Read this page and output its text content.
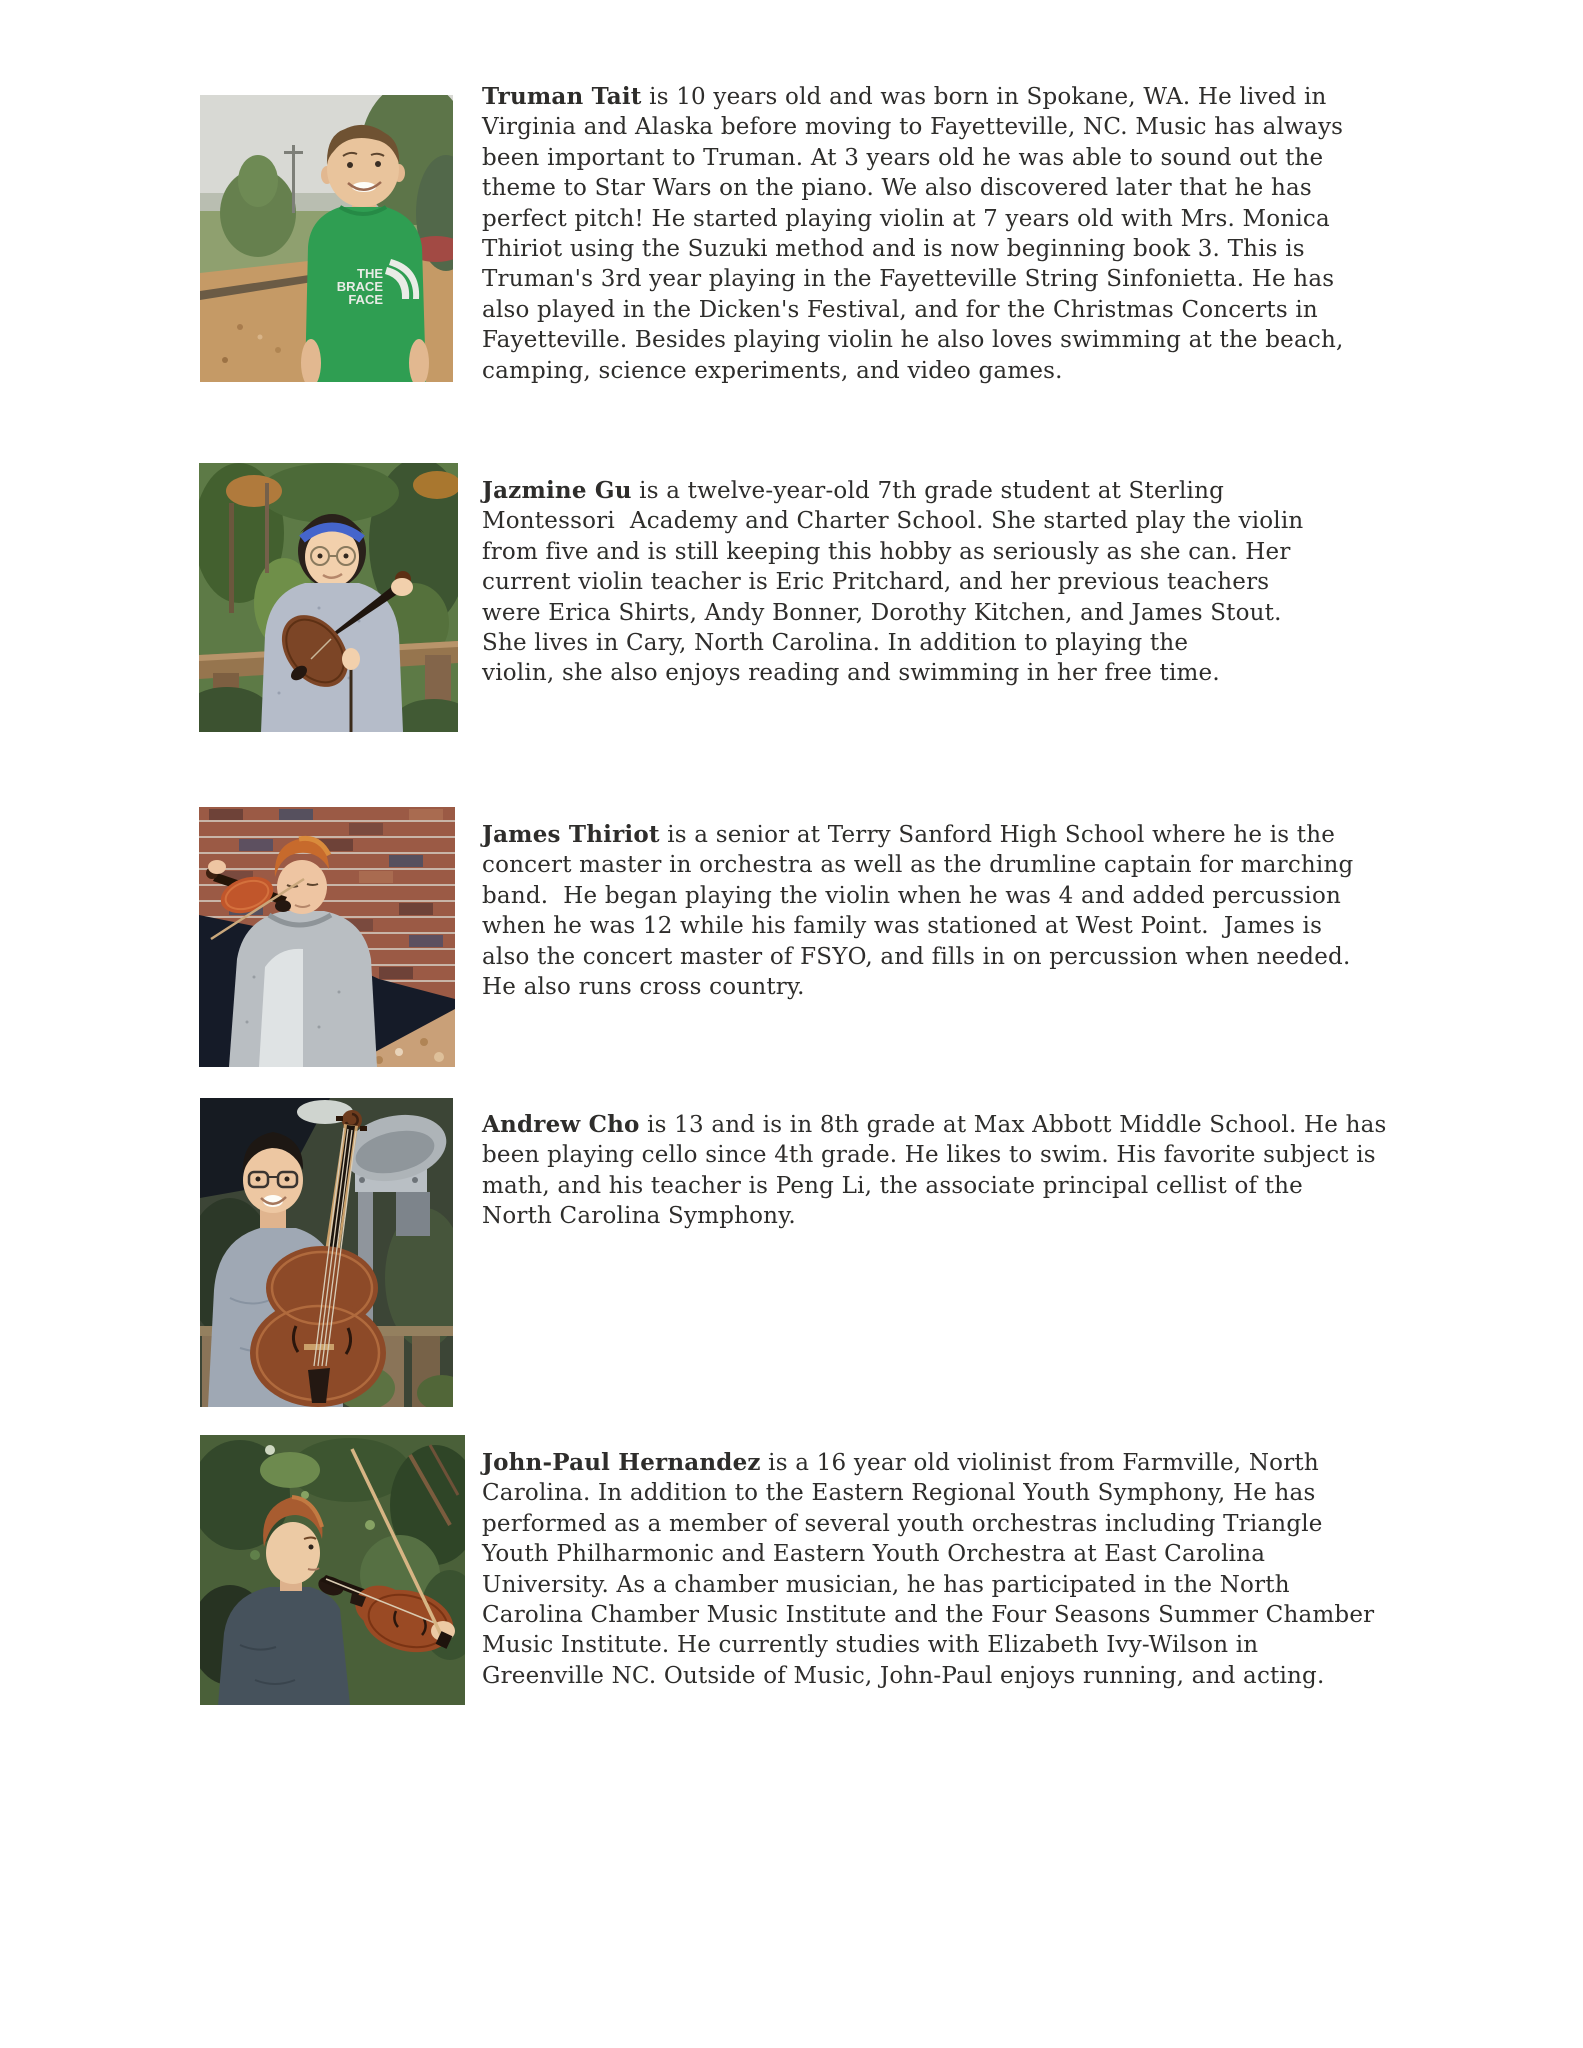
THE
BRACE
FACE
Truman Tait is 10 years old and was born in Spokane, WA. He lived in
Virginia and Alaska before moving to Fayetteville, NC. Music has always
been important to Truman. At 3 years old he was able to sound out the
theme to Star Wars on the piano. We also discovered later that he has
perfect pitch! He started playing violin at 7 years old with Mrs. Monica
Thiriot using the Suzuki method and is now beginning book 3. This is
Truman's 3rd year playing in the Fayetteville String Sinfonietta. He has
also played in the Dicken's Festival, and for the Christmas Concerts in
Fayetteville. Besides playing violin he also loves swimming at the beach,
camping, science experiments, and video games.
Jazmine Gu is a twelve-year-old 7th grade student at Sterling
Montessori  Academy and Charter School. She started play the violin
from five and is still keeping this hobby as seriously as she can. Her
current violin teacher is Eric Pritchard, and her previous teachers
were Erica Shirts, Andy Bonner, Dorothy Kitchen, and James Stout.
She lives in Cary, North Carolina. In addition to playing the
violin, she also enjoys reading and swimming in her free time.
James Thiriot is a senior at Terry Sanford High School where he is the
concert master in orchestra as well as the drumline captain for marching
band.  He began playing the violin when he was 4 and added percussion
when he was 12 while his family was stationed at West Point.  James is
also the concert master of FSYO, and fills in on percussion when needed.
He also runs cross country.
Andrew Cho is 13 and is in 8th grade at Max Abbott Middle School. He has
been playing cello since 4th grade. He likes to swim. His favorite subject is
math, and his teacher is Peng Li, the associate principal cellist of the
North Carolina Symphony.
John-Paul Hernandez is a 16 year old violinist from Farmville, North
Carolina. In addition to the Eastern Regional Youth Symphony, He has
performed as a member of several youth orchestras including Triangle
Youth Philharmonic and Eastern Youth Orchestra at East Carolina
University. As a chamber musician, he has participated in the North
Carolina Chamber Music Institute and the Four Seasons Summer Chamber
Music Institute. He currently studies with Elizabeth Ivy-Wilson in
Greenville NC. Outside of Music, John-Paul enjoys running, and acting.
